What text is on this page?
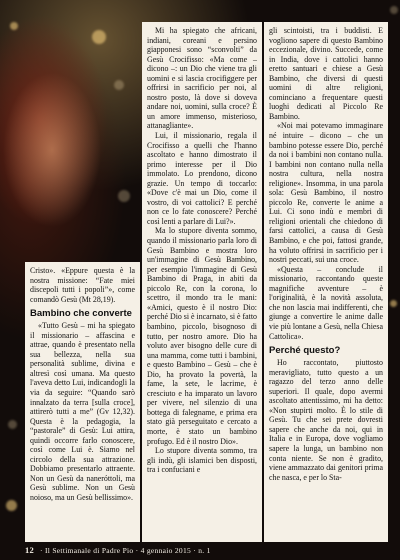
Cristo». «Eppure questa è la nostra missione: “Fate miei discepoli tutti i popoli”», come comandò Gesù (Mt 28,19).

Bambino che converte

«Tutto Gesù – mi ha spiegato il missionario – affascina e attrae, quando è presentato nella sua bellezza, nella sua personalità sublime, divina e altresì così umana. Ma questo l'aveva detto Lui, indicandogli la via da seguire: “Quando sarò innalzato da terra [sulla croce], attirerò tutti a me” (Gv 12,32). Questa è la pedagogia, la “pastorale” di Gesù: Lui attira, quindi occorre farlo conoscere, così come Lui è. Siamo nel circolo della sua attrazione. Dobbiamo presentarlo attraente. Non un Gesù da naneróttoli, ma Gesù sublime. Non un Gesù noioso, ma un Gesù bellissimo».

Mi ha spiegato che africani, indiani, coreani e persino giapponesi sono “sconvolti” da Gesù Crocifisso: «Ma come – dicono –: un Dio che viene tra gli uomini e si lascia crocifiggere per offrirsi in sacrificio per noi, al nostro posto, là dove si doveva andare noi, uomini, sulla croce? È un amore immenso, misterioso, attanagliante».

Lui, il missionario, regala il Crocifisso a quelli che l'hanno ascoltato e hanno dimostrato il primo interesse per il Dio immolato. Lo prendono, dicono grazie. Un tempo di toccarlo: «Dove c'è mai un Dio, come il vostro, di voi cattolici? E perché non ce lo fate conoscere? Perché così lenti a parlare di Lui?».

Ma lo stupore diventa sommo, quando il missionario parla loro di Gesù Bambino e mostra loro un'immagine di Gesù Bambino, per esempio l'immagine di Gesù Bambino di Praga, in abiti da piccolo Re, con la corona, lo scettro, il mondo tra le mani: «Amici, questo è il nostro Dio: perché Dio si è incarnato, si è fatto bambino, piccolo, bisognoso di tutto, per nostro amore. Dio ha voluto aver bisogno delle cure di una mamma, come tutti i bambini, e questo Bambino – Gesù – che è Dio, ha provato la povertà, la fame, la sete, le lacrime, è cresciuto e ha imparato un lavoro per vivere, nel silenzio di una bottega di falegname, e prima era stato già perseguitato e cercato a morte, è stato un bambino profugo. Ed è il nostro Dio».

Lo stupore diventa sommo, tra gli indù, gli islamici ben disposti, tra i confuciani e

gli scintoisti, tra i buddisti. E vogliono sapere di questo Bambino eccezionale, divino. Succede, come in India, dove i cattolici hanno eretto santuari e chiese a Gesù Bambino, che diversi di questi uomini di altre religioni, cominciano a frequentare questi luoghi dedicati al Piccolo Re Bambino.

«Noi mai potevamo immaginare né intuire – dicono – che un bambino potesse essere Dio, perché da noi i bambini non contano nulla. I bambini non contano nulla nella nostra cultura, nella nostra religione». Insomma, in una parola sola: Gesù Bambino, il nostro piccolo Re, converte le anime a Lui. Ci sono indù e membri di religioni orientali che chiedono di farsi cattolici, a causa di Gesù Bambino, e che poi, fattosi grande, ha voluto offrirsi in sacrificio per i nostri peccati, sui una croce.

«Questa – conclude il missionario, raccontando queste magnifiche avventure – è l'originalità, è la novità assoluta, che non lascia mai indifferenti, che giunge a convertire le anime dalle vie più lontane a Gesù, nella Chiesa Cattolica».

Perché questo?

Ho raccontato, piuttosto meravigliato, tutto questo a un ragazzo del terzo anno delle superiori. Il quale, dopo avermi ascoltato attentissimo, mi ha detto: «Non stupirti molto. È lo stile di Gesù. Tu che sei prete dovresti sapere che anche da noi, qui in Italia e in Europa, dove vogliamo sapere la lunga, un bambino non conta niente. Se non è gradito, viene ammazzato dai genitori prima che nasca, e per lo Sta-

12 · Il Settimanale di Padre Pio · 4 gennaio 2015 · n. 1
